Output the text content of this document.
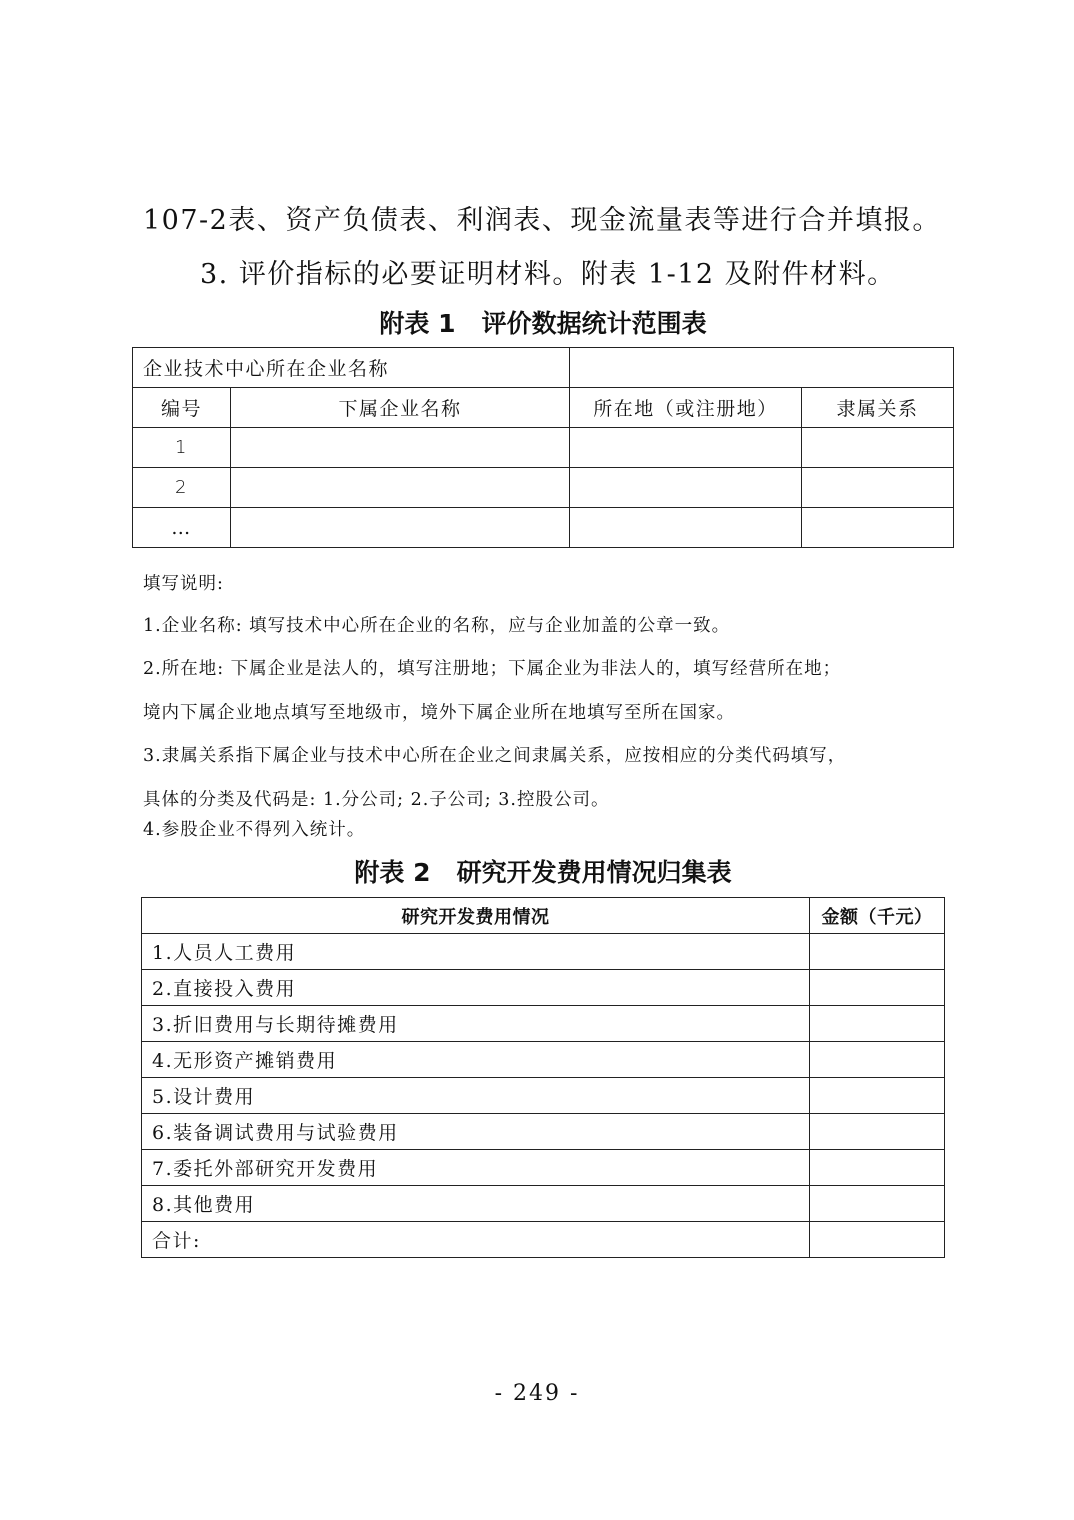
107-2表、资产负债表、利润表、现金流量表等进行合并填报。
3. 评价指标的必要证明材料。附表 1-12 及附件材料。
附表 1   评价数据统计范围表
企业技术中心所在企业名称			
编号	下属企业名称	所在地（或注册地）	隶属关系
1			
2			
…			
填写说明:
1.企业名称: 填写技术中心所在企业的名称，应与企业加盖的公章一致。
2.所在地: 下属企业是法人的，填写注册地；下属企业为非法人的，填写经营所在地；
境内下属企业地点填写至地级市，境外下属企业所在地填写至所在国家。
3.隶属关系指下属企业与技术中心所在企业之间隶属关系，应按相应的分类代码填写，
具体的分类及代码是: 1.分公司; 2.子公司; 3.控股公司。
4.参股企业不得列入统计。
附表 2   研究开发费用情况归集表
研究开发费用情况	金额（千元）
1.人员人工费用	
2.直接投入费用	
3.折旧费用与长期待摊费用	
4.无形资产摊销费用	
5.设计费用	
6.装备调试费用与试验费用	
7.委托外部研究开发费用	
8.其他费用	
合计:	
- 249 -
